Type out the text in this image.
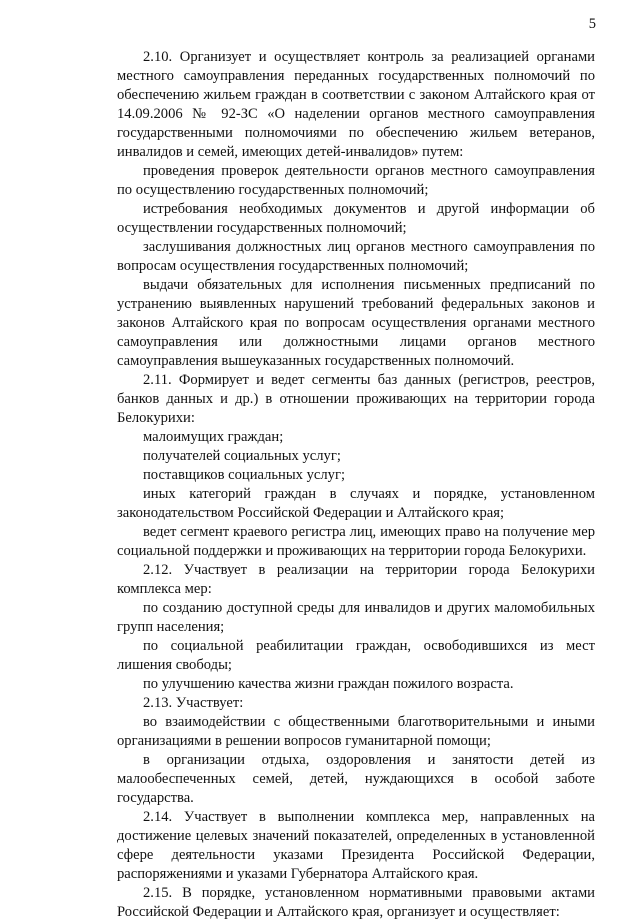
5

2.10. Организует и осуществляет контроль за реализацией органами местного самоуправления переданных государственных полномочий по обеспечению жильем граждан в соответствии с законом Алтайского края от 14.09.2006 № 92-ЗС «О наделении органов местного самоуправления государственными полномочиями по обеспечению жильем ветеранов, инвалидов и семей, имеющих детей-инвалидов» путем:

проведения проверок деятельности органов местного самоуправления по осуществлению государственных полномочий;

истребования необходимых документов и другой информации об осуществлении государственных полномочий;

заслушивания должностных лиц органов местного самоуправления по вопросам осуществления государственных полномочий;

выдачи обязательных для исполнения письменных предписаний по устранению выявленных нарушений требований федеральных законов и законов Алтайского края по вопросам осуществления органами местного самоуправления или должностными лицами органов местного самоуправления вышеуказанных государственных полномочий.

2.11. Формирует и ведет сегменты баз данных (регистров, реестров, банков данных и др.) в отношении проживающих на территории города Белокурихи:

малоимущих граждан;

получателей социальных услуг;

поставщиков социальных услуг;

иных категорий граждан в случаях и порядке, установленном законодательством Российской Федерации и Алтайского края;

ведет сегмент краевого регистра лиц, имеющих право на получение мер социальной поддержки и проживающих на территории города Белокурихи.

2.12. Участвует в реализации на территории города Белокурихи комплекса мер:

по созданию доступной среды для инвалидов и других маломобильных групп населения;

по социальной реабилитации граждан, освободившихся из мест лишения свободы;

по улучшению качества жизни граждан пожилого возраста.

2.13. Участвует:

во взаимодействии с общественными благотворительными и иными организациями в решении вопросов гуманитарной помощи;

в организации отдыха, оздоровления и занятости детей из малообеспеченных семей, детей, нуждающихся в особой заботе государства.

2.14. Участвует в выполнении комплекса мер, направленных на достижение целевых значений показателей, определенных в установленной сфере деятельности указами Президента Российской Федерации, распоряжениями и указами Губернатора Алтайского края.

2.15. В порядке, установленном нормативными правовыми актами Российской Федерации и Алтайского края, организует и осуществляет:
